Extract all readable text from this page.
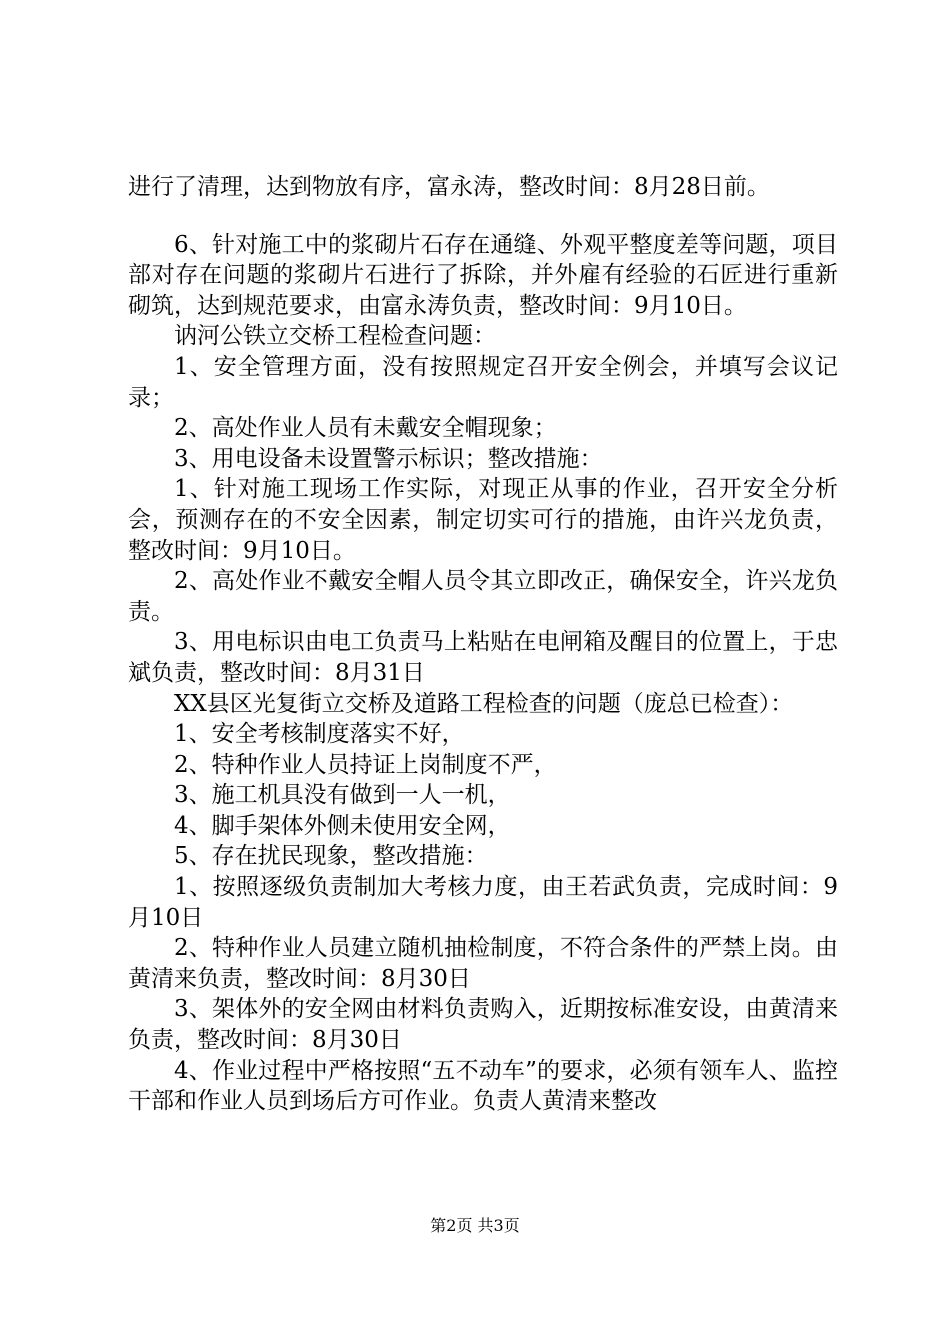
进行了清理，达到物放有序，富永涛，整改时间：8月28日前。

6、针对施工中的浆砌片石存在通缝、外观平整度差等问题，项目部对存在问题的浆砌片石进行了拆除，并外雇有经验的石匠进行重新砌筑，达到规范要求，由富永涛负责，整改时间：9月10日。

讷河公铁立交桥工程检查问题：

1、安全管理方面，没有按照规定召开安全例会，并填写会议记录；

2、高处作业人员有未戴安全帽现象；

3、用电设备未设置警示标识；整改措施：

1、针对施工现场工作实际，对现正从事的作业，召开安全分析会，预测存在的不安全因素，制定切实可行的措施，由许兴龙负责，整改时间：9月10日。

2、高处作业不戴安全帽人员令其立即改正，确保安全，许兴龙负责。

3、用电标识由电工负责马上粘贴在电闸箱及醒目的位置上，于忠斌负责，整改时间：8月31日

XX县区光复街立交桥及道路工程检查的问题（庞总已检查）：

1、安全考核制度落实不好，

2、特种作业人员持证上岗制度不严，

3、施工机具没有做到一人一机，

4、脚手架体外侧未使用安全网，

5、存在扰民现象，整改措施：

1、按照逐级负责制加大考核力度，由王若武负责，完成时间：9月10日

2、特种作业人员建立随机抽检制度，不符合条件的严禁上岗。由黄清来负责，整改时间：8月30日

3、架体外的安全网由材料负责购入，近期按标准安设，由黄清来负责，整改时间：8月30日

4、作业过程中严格按照“五不动车”的要求，必须有领车人、监控干部和作业人员到场后方可作业。负责人黄清来整改

第2页 共3页
